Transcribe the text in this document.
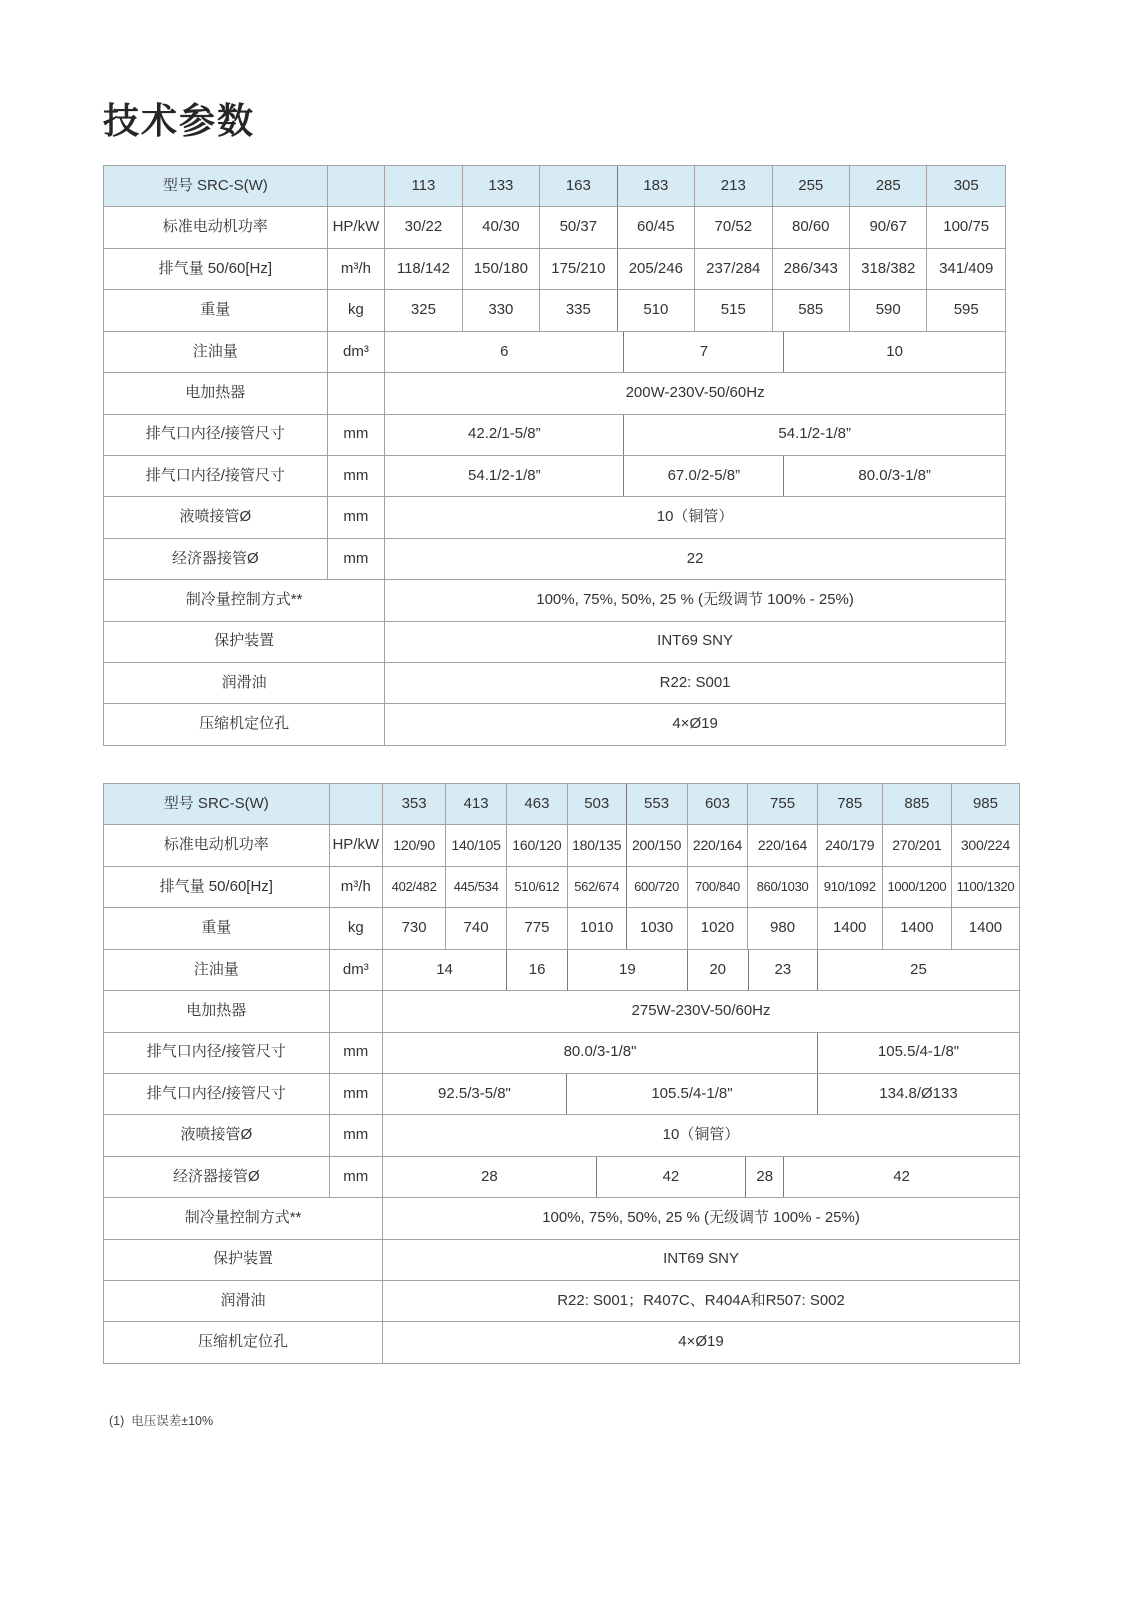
技术参数
型号 SRC-S(W)	113	133	163	183	213	255	285	305
标准电动机功率	HP/kW	30/22	40/30	50/37	60/45	70/52	80/60	90/67	100/75
排气量 50/60[Hz]	m³/h	118/142	150/180	175/210	205/246	237/284	286/343	318/382	341/409
重量	kg	325	330	335	510	515	585	590	595
注油量	dm³	6	7	10
电加热器	200W-230V-50/60Hz
排气口内径/接管尺寸	mm	42.2/1-5/8”	54.1/2-1/8”
排气口内径/接管尺寸	mm	54.1/2-1/8”	67.0/2-5/8”	80.0/3-1/8”
液喷接管Ø	mm	10（铜管）
经济器接管Ø	mm	22
制冷量控制方式**	100%, 75%, 50%, 25 % (无级调节 100% - 25%)
保护装置	INT69 SNY
润滑油	R22: S001
压缩机定位孔	4×Ø19
型号 SRC-S(W)	353	413	463	503	553	603	755	785	885	985
标准电动机功率	HP/kW	120/90	140/105 160/120 180/135 200/150 220/164	220/164	240/179	270/201	300/224
排气量 50/60[Hz]	m³/h	402/482	445/534	510/612	562/674	600/720	700/840	860/1030	910/1092 1000/1200 1100/1320
重量	kg	730	740	775	1010	1030	1020	980	1400	1400	1400
注油量	dm³	14	16	19	20	23	25
电加热器	275W-230V-50/60Hz
排气口内径/接管尺寸	mm	80.0/3-1/8"	105.5/4-1/8"
排气口内径/接管尺寸	mm	92.5/3-5/8"	105.5/4-1/8"	134.8/Ø133
液喷接管Ø	mm	10（铜管）
经济器接管Ø	mm	28	42	28	42
制冷量控制方式**	100%, 75%, 50%, 25 % (无级调节 100% - 25%)
保护装置	INT69 SNY
润滑油	R22: S001；R407C、R404A和R507: S002
压缩机定位孔	4×Ø19
(1)  电压误差±10%
